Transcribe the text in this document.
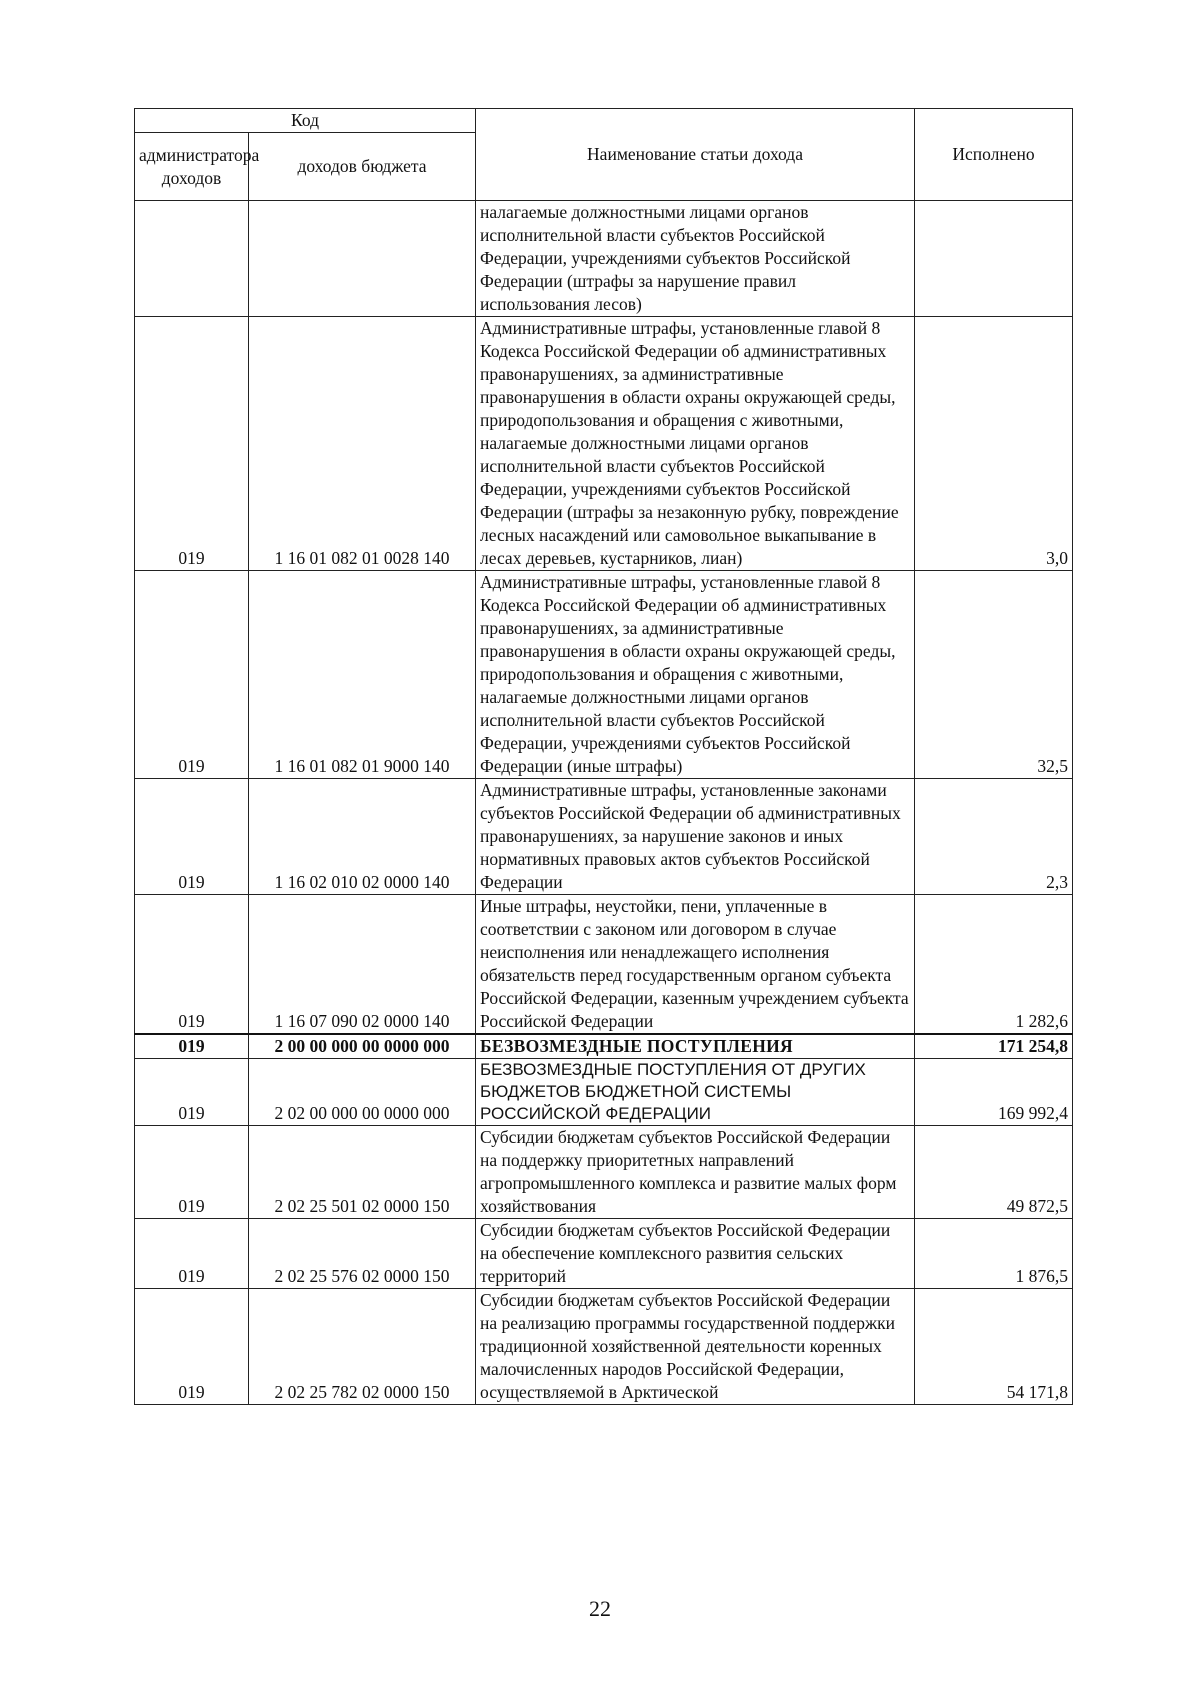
Код		Наименование статьи дохода	Исполнено
администратора доходов	доходов бюджета		
		налагаемые должностными лицами органов исполнительной власти субъектов Российской Федерации, учреждениями субъектов Российской Федерации (штрафы за нарушение правил использования лесов)	
019	1 16 01 082 01 0028 140	Административные штрафы, установленные главой 8 Кодекса Российской Федерации об административных правонарушениях, за административные правонарушения в области охраны окружающей среды, природопользования и обращения с животными, налагаемые должностными лицами органов исполнительной власти субъектов Российской Федерации, учреждениями субъектов Российской Федерации (штрафы за незаконную рубку, повреждение лесных насаждений или самовольное выкапывание в лесах деревьев, кустарников, лиан)	3,0
019	1 16 01 082 01 9000 140	Административные штрафы, установленные главой 8 Кодекса Российской Федерации об административных правонарушениях, за административные правонарушения в области охраны окружающей среды, природопользования и обращения с животными, налагаемые должностными лицами органов исполнительной власти субъектов Российской Федерации, учреждениями субъектов Российской Федерации (иные штрафы)	32,5
019	1 16 02 010 02 0000 140	Административные штрафы, установленные законами субъектов Российской Федерации об административных правонарушениях, за нарушение законов и иных нормативных правовых актов субъектов Российской Федерации	2,3
019	1 16 07 090 02 0000 140	Иные штрафы, неустойки, пени, уплаченные в соответствии с законом или договором в случае неисполнения или ненадлежащего исполнения обязательств перед государственным органом субъекта Российской Федерации, казенным учреждением субъекта Российской Федерации	1 282,6
019	2 00 00 000 00 0000 000	БЕЗВОЗМЕЗДНЫЕ ПОСТУПЛЕНИЯ	171 254,8
019	2 02 00 000 00 0000 000	БЕЗВОЗМЕЗДНЫЕ ПОСТУПЛЕНИЯ ОТ ДРУГИХ БЮДЖЕТОВ БЮДЖЕТНОЙ СИСТЕМЫ РОССИЙСКОЙ ФЕДЕРАЦИИ	169 992,4
019	2 02 25 501 02 0000 150	Субсидии бюджетам субъектов Российской Федерации на поддержку приоритетных направлений агропромышленного комплекса и развитие малых форм хозяйствования	49 872,5
019	2 02 25 576 02 0000 150	Субсидии бюджетам субъектов Российской Федерации на обеспечение комплексного развития сельских территорий	1 876,5
019	2 02 25 782 02 0000 150	Субсидии бюджетам субъектов Российской Федерации на реализацию программы государственной поддержки традиционной хозяйственной деятельности коренных малочисленных народов Российской Федерации, осуществляемой в Арктической	54 171,8
22
